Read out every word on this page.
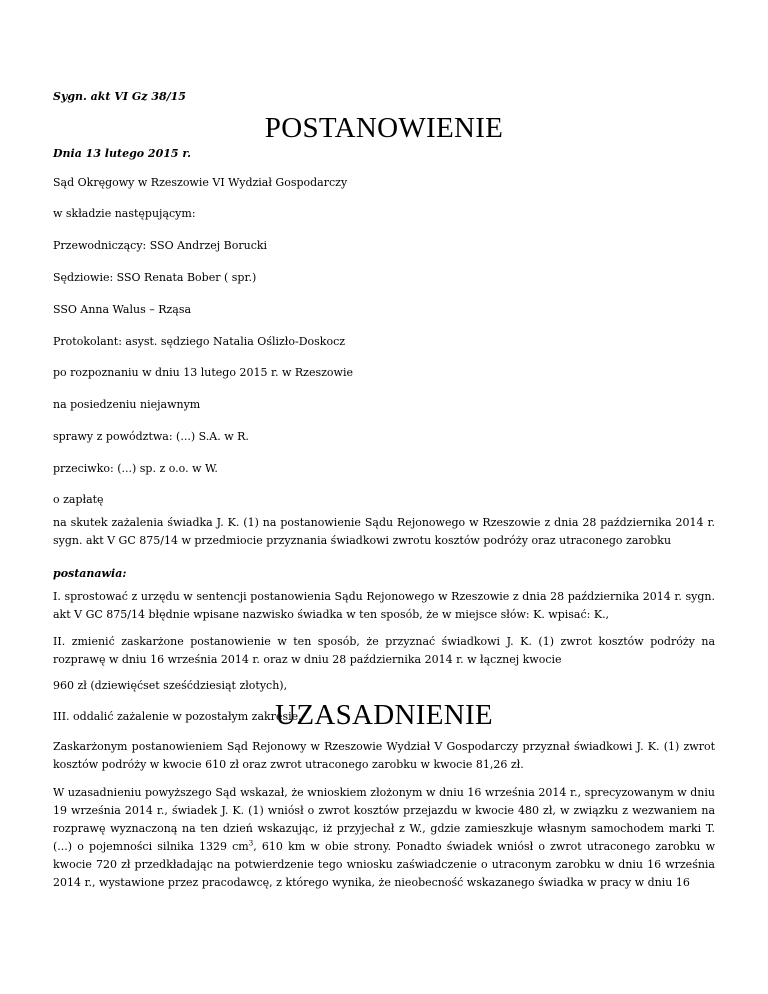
Sygn. akt VI Gz 38/15

POSTANOWIENIE

Dnia 13 lutego 2015 r.

Sąd Okręgowy w Rzeszowie VI Wydział Gospodarczy

w składzie następującym:

Przewodniczący: SSO Andrzej Borucki

Sędziowie: SSO Renata Bober ( spr.)

SSO Anna Walus – Rząsa

Protokolant: asyst. sędziego Natalia Oślizło-Doskocz

po rozpoznaniu w dniu 13 lutego 2015 r. w Rzeszowie

na posiedzeniu niejawnym

sprawy z powództwa: (...) S.A. w R.

przeciwko: (...) sp. z o.o. w W.

o zapłatę

na skutek zażalenia świadka J. K. (1) na postanowienie Sądu Rejonowego w Rzeszowie z dnia 28 października 2014 r. sygn. akt V GC 875/14 w przedmiocie przyznania świadkowi zwrotu kosztów podróży oraz utraconego zarobku

postanawia:

I. sprostować z urzędu w sentencji postanowienia Sądu Rejonowego w Rzeszowie z dnia 28 października 2014 r. sygn. akt V GC 875/14 błędnie wpisane nazwisko świadka w ten sposób, że w miejsce słów: K. wpisać: K.,

II. zmienić zaskarżone postanowienie w ten sposób, że przyznać świadkowi J. K. (1) zwrot kosztów podróży na rozprawę w dniu 16 września 2014 r. oraz w dniu 28 października 2014 r. w łącznej kwocie

960 zł (dziewięćset sześćdziesiąt złotych),

III. oddalić zażalenie w pozostałym zakresie.

UZASADNIENIE

Zaskarżonym postanowieniem Sąd Rejonowy w Rzeszowie Wydział V Gospodarczy przyznał świadkowi J. K. (1) zwrot kosztów podróży w kwocie 610 zł oraz zwrot utraconego zarobku w kwocie 81,26 zł.

W uzasadnieniu powyższego Sąd wskazał, że wnioskiem złożonym w dniu 16 września 2014 r., sprecyzowanym w dniu 19 września 2014 r., świadek J. K. (1) wniósł o zwrot kosztów przejazdu w kwocie 480 zł, w związku z wezwaniem na rozprawę wyznaczoną na ten dzień wskazując, iż przyjechał z W., gdzie zamieszkuje własnym samochodem marki T. (...) o pojemności silnika 1329 $cm^3$, 610 km w obie strony. Ponadto świadek wniósł o zwrot utraconego zarobku w kwocie 720 zł przedkładając na potwierdzenie tego wniosku zaświadczenie o utraconym zarobku w dniu 16 września 2014 r., wystawione przez pracodawcę, z którego wynika, że nieobecność wskazanego świadka w pracy w dniu 16
